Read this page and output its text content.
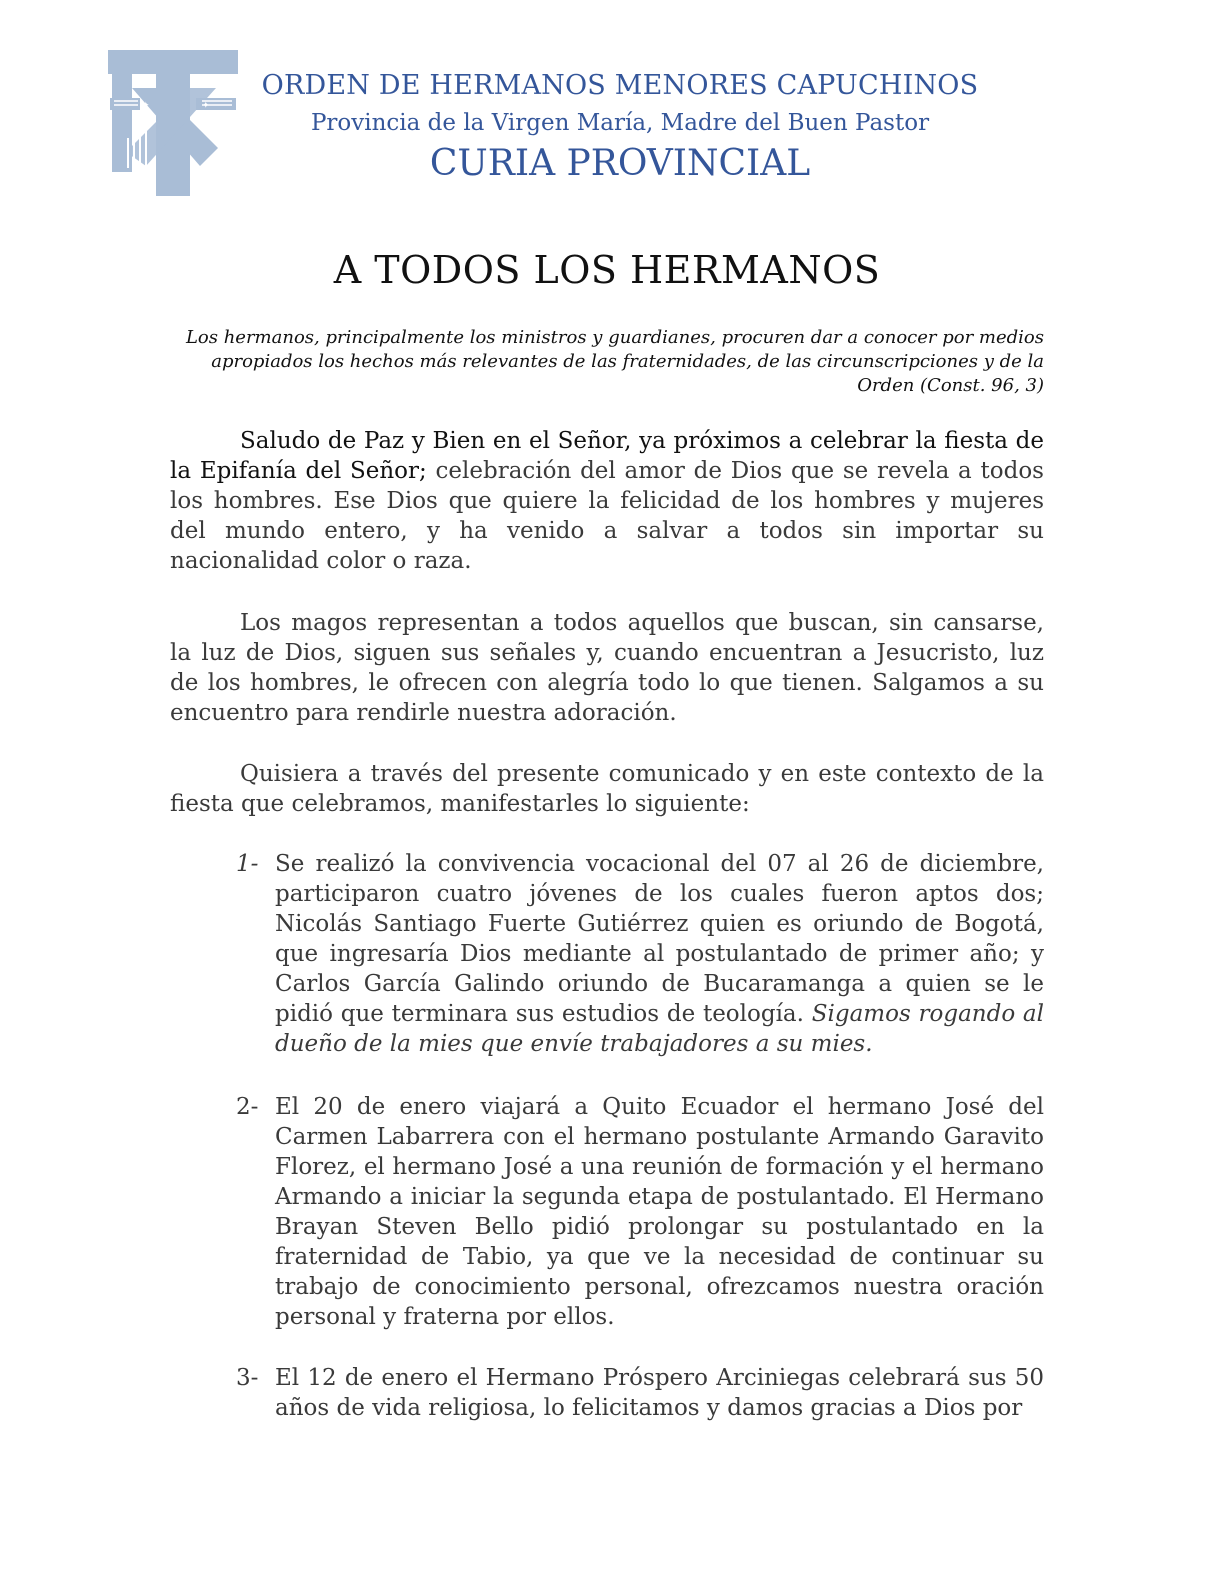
✦	✦
ORDEN DE HERMANOS MENORES CAPUCHINOS
Provincia de la Virgen María, Madre del Buen Pastor
CURIA PROVINCIAL
A TODOS LOS HERMANOS
Los hermanos, principalmente los ministros y guardianes, procuren dar a conocer por medios apropiados los hechos más relevantes de las fraternidades, de las circunscripciones y de la Orden (Const. 96, 3)

Saludo de Paz y Bien en el Señor, ya próximos a celebrar la fiesta de la Epifanía del Señor; celebración del amor de Dios que se revela a todos los hombres. Ese Dios que quiere la felicidad de los hombres y mujeres del mundo entero, y ha venido a salvar a todos sin importar su nacionalidad color o raza.

Los magos representan a todos aquellos que buscan, sin cansarse, la luz de Dios, siguen sus señales y, cuando encuentran a Jesucristo, luz de los hombres, le ofrecen con alegría todo lo que tienen. Salgamos a su encuentro para rendirle nuestra adoración.

Quisiera a través del presente comunicado y en este contexto de la fiesta que celebramos, manifestarles lo siguiente:

1- Se realizó la convivencia vocacional del 07 al 26 de diciembre, participaron cuatro jóvenes de los cuales fueron aptos dos; Nicolás Santiago Fuerte Gutiérrez quien es oriundo de Bogotá, que ingresaría Dios mediante al postulantado de primer año; y Carlos García Galindo oriundo de Bucaramanga a quien se le pidió que terminara sus estudios de teología. Sigamos rogando al dueño de la mies que envíe trabajadores a su mies.
2- El 20 de enero viajará a Quito Ecuador el hermano José del Carmen Labarrera con el hermano postulante Armando Garavito Florez, el hermano José a una reunión de formación y el hermano Armando a iniciar la segunda etapa de postulantado. El Hermano Brayan Steven Bello pidió prolongar su postulantado en la fraternidad de Tabio, ya que ve la necesidad de continuar su trabajo de conocimiento personal, ofrezcamos nuestra oración personal y fraterna por ellos.
3- El 12 de enero el Hermano Próspero Arciniegas celebrará sus 50 años de vida religiosa, lo felicitamos y damos gracias a Dios por
